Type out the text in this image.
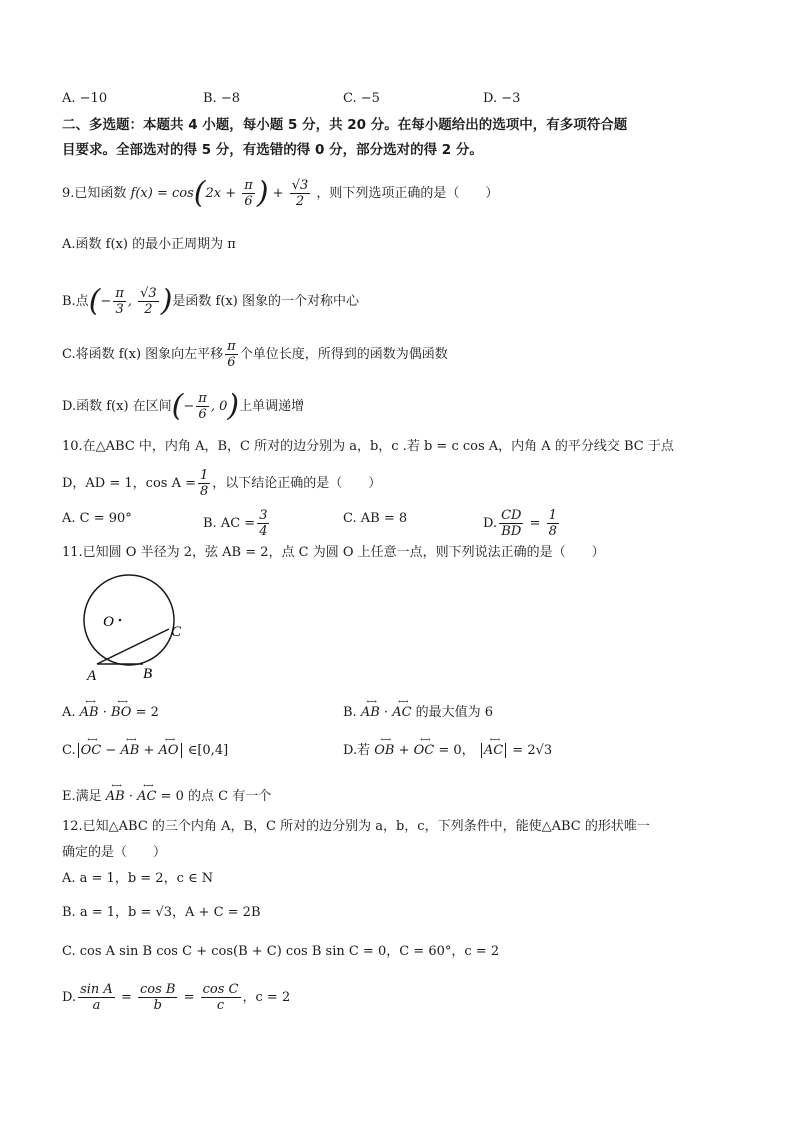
A. −10	B. −8	C. −5	D. −3
二、多选题：本题共 4 小题，每小题 5 分，共 20 分。在每小题给出的选项中，有多项符合题
目要求。全部选对的得 5 分，有选错的得 0 分，部分选对的得 2 分。
9.已知函数 $f(x) = \cos(2x + \frac{\pi}{6}$ ) + $\frac{√3}{2}$ ，则下列选项正确的是（　　）
A.函数 f(x) 的最小正周期为 π
B.点(− $\frac{\pi}{3}$ , $\frac{√3}{2}$ )是函数 f(x) 图象的一个对称中心
C.将函数 f(x) 图象向左平移 $\frac{\pi}{6}$ 个单位长度，所得到的函数为偶函数
D.函数 f(x) 在区间(− $\frac{\pi}{6}$ , 0)上单调递增
10.在△ABC 中，内角 A，B，C 所对的边分别为 a，b，c .若 b = c cos A，内角 A 的平分线交 BC 于点
D，AD = 1，$\cos A = \frac{1}{8}$ ，以下结论正确的是（　　）
A. C = 90°	B. AC = $\frac{3}{4}$	C. AB = 8	D. $\frac{CD}{BD} = \frac{1}{8}$
11.已知圆 O 半径为 2，弦 AB = 2，点 C 为圆 O 上任意一点，则下列说法正确的是（　　）
O
C
A	B
A. ←→ AB · ←→ BO = 2	B. ←→ AB · ←→ AC 的最大值为 6
C. ←→ OC − ←→ AB + ←→ AO ∈[0,4]	D.若 ←→ OB + ←→ OC = 0， ←→ AC = 2√3
E.满足 ←→ AB · ←→ AC = 0 的点 C 有一个
12.已知△ABC 的三个内角 A，B，C 所对的边分别为 a，b，c，下列条件中，能使△ABC 的形状唯一
确定的是（　　）
A. a = 1，b = 2，c ∈ N
B. a = 1，b = √3，A + C = 2B
C. cos A sin B cos C + cos(B + C) cos B sin C = 0，C = 60°，c = 2
D. $\frac{\text{sin A}}{a} = \frac{\text{cos B}}{b} = \frac{\text{cos C}}{c}$ ，c = 2
